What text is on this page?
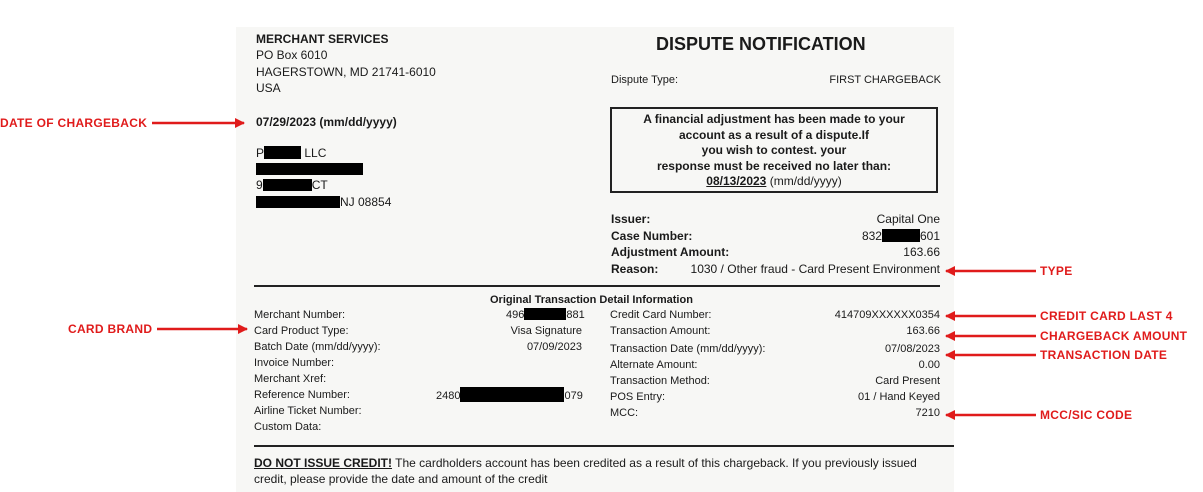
MERCHANT SERVICES
PO Box 6010
HAGERSTOWN, MD 21741-6010
USA
DISPUTE NOTIFICATION
Dispute Type:	FIRST CHARGEBACK
07/29/2023 (mm/dd/yyyy)
P	LLC
9	CT
NJ 08854
A financial adjustment has been made to your
account as a result of a dispute.If
you wish to contest. your
response must be received no later than:
08/13/2023 (mm/dd/yyyy)
Issuer:	Capital One
Case Number:	832	601
Adjustment Amount:	163.66
Reason:	1030 / Other fraud - Card Present Environment
Original Transaction Detail Information
Merchant Number:	496	881
Card Product Type:	Visa Signature
Batch Date (mm/dd/yyyy):	07/09/2023
Invoice Number:
Merchant Xref:
Reference Number:	2480	079
Airline Ticket Number:
Custom Data:
Credit Card Number:	414709XXXXXX0354
Transaction Amount:	163.66
Transaction Date (mm/dd/yyyy):	07/08/2023
Alternate Amount:	0.00
Transaction Method:	Card Present
POS Entry:	01 / Hand Keyed
MCC:	7210
DO NOT ISSUE CREDIT! The cardholders account has been credited as a result of this chargeback. If you previously issued
credit, please provide the date and amount of the credit
DATE OF CHARGEBACK
CARD BRAND
TYPE
CREDIT CARD LAST 4
CHARGEBACK AMOUNT
TRANSACTION DATE
MCC/SIC CODE
